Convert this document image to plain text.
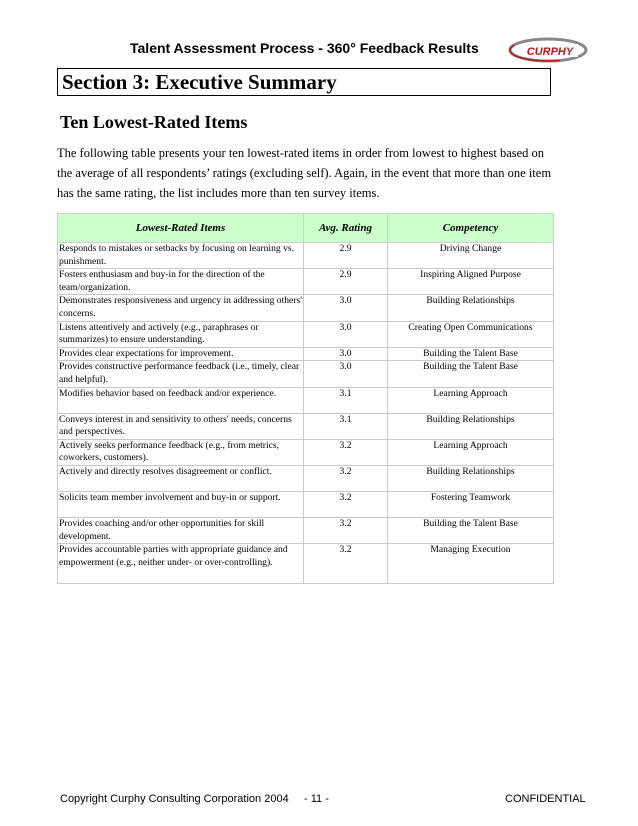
Talent Assessment Process - 360° Feedback Results	CURPHY
Section 3: Executive Summary
Ten Lowest-Rated Items
The following table presents your ten lowest-rated items in order from lowest to highest based on the average of all respondents’ ratings (excluding self). Again, in the event that more than one item has the same rating, the list includes more than ten survey items.
Lowest-Rated Items	Avg. Rating	Competency
Responds to mistakes or setbacks by focusing on learning vs. punishment.	2.9	Driving Change
Fosters enthusiasm and buy-in for the direction of the team/organization.	2.9	Inspiring Aligned Purpose
Demonstrates responsiveness and urgency in addressing others' concerns.	3.0	Building Relationships
Listens attentively and actively (e.g., paraphrases or summarizes) to ensure understanding.	3.0	Creating Open Communications
Provides clear expectations for improvement.	3.0	Building the Talent Base
Provides constructive performance feedback (i.e., timely, clear and helpful).	3.0	Building the Talent Base
Modifies behavior based on feedback and/or experience.	3.1	Learning Approach
Conveys interest in and sensitivity to others' needs, concerns and perspectives.	3.1	Building Relationships
Actively seeks performance feedback (e.g., from metrics, coworkers, customers).	3.2	Learning Approach
Actively and directly resolves disagreement or conflict.	3.2	Building Relationships
Solicits team member involvement and buy-in or support.	3.2	Fostering Teamwork
Provides coaching and/or other opportunities for skill development.	3.2	Building the Talent Base
Provides accountable parties with appropriate guidance and empowerment (e.g., neither under- or over-controlling).	3.2	Managing Execution
Copyright Curphy Consulting Corporation 2004 - 11 -	CONFIDENTIAL
